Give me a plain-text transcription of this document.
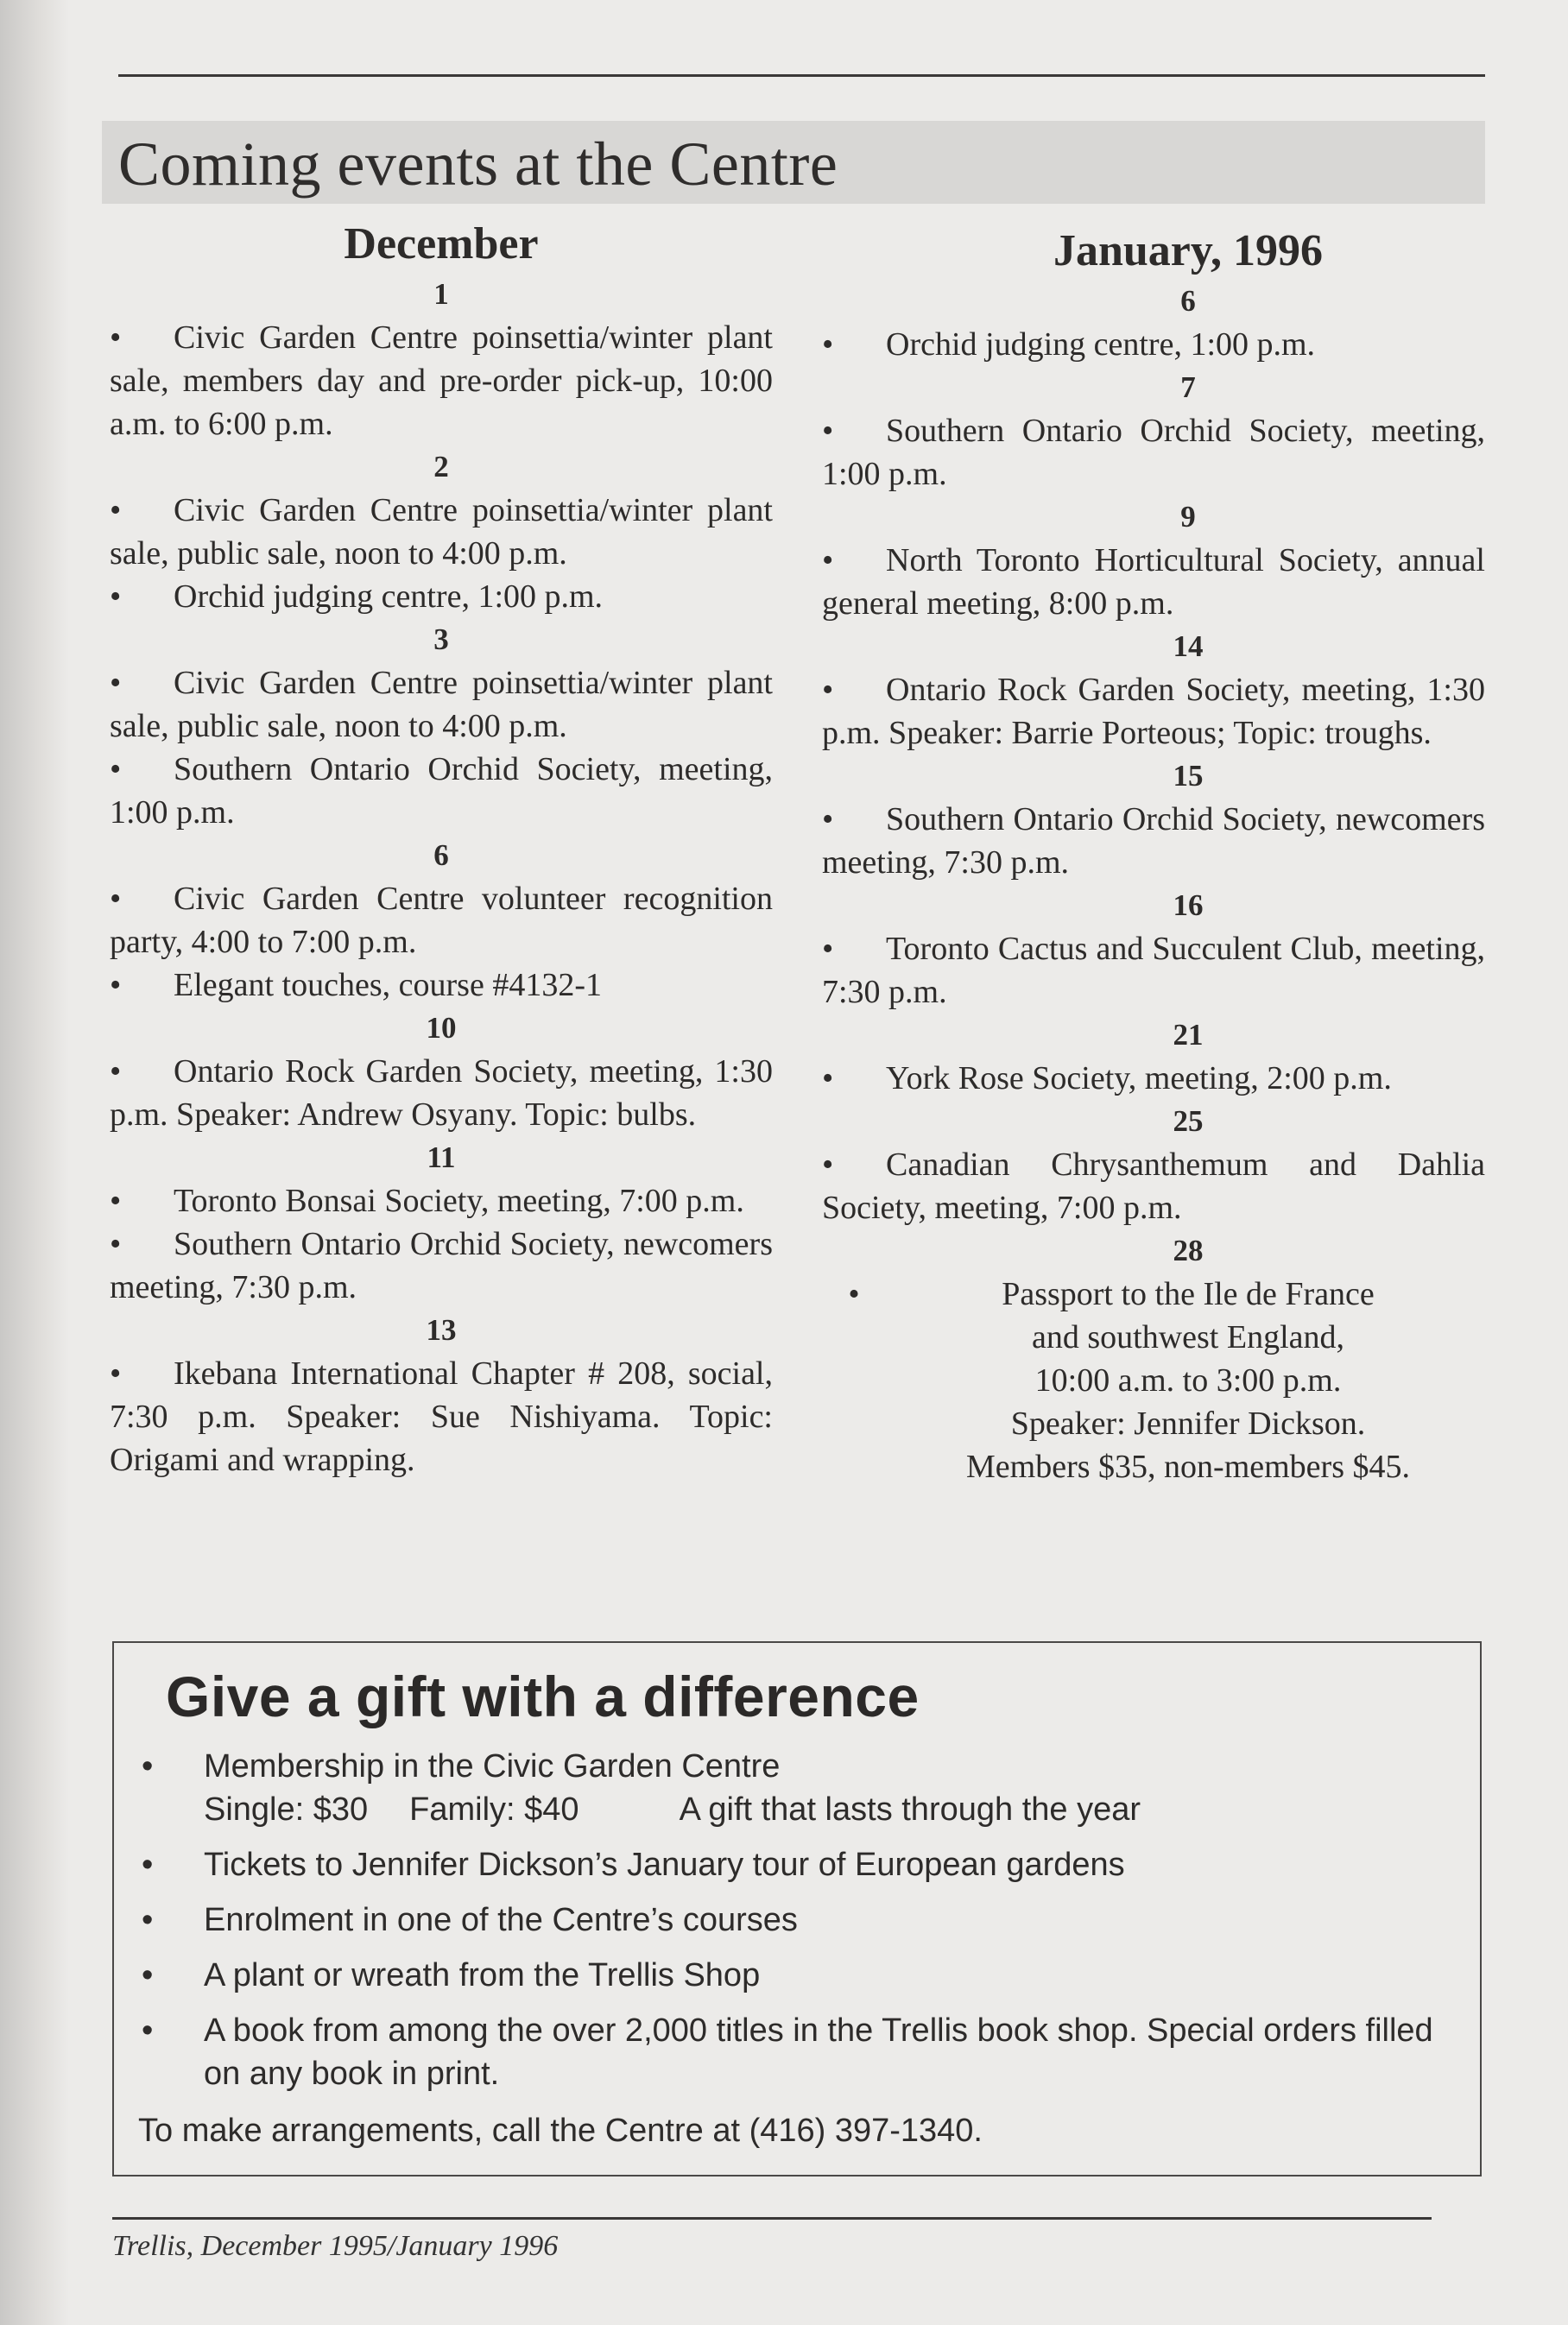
Coming events at the Centre
December
1
• Civic Garden Centre poinsettia/winter plant sale, members day and pre-order pick-up, 10:00 a.m. to 6:00 p.m.
2
• Civic Garden Centre poinsettia/winter plant sale, public sale, noon to 4:00 p.m.
• Orchid judging centre, 1:00 p.m.
3
• Civic Garden Centre poinsettia/winter plant sale, public sale, noon to 4:00 p.m.
• Southern Ontario Orchid Society, meeting, 1:00 p.m.
6
• Civic Garden Centre volunteer recognition party, 4:00 to 7:00 p.m.
• Elegant touches, course #4132-1
10
• Ontario Rock Garden Society, meeting, 1:30 p.m. Speaker: Andrew Osyany. Topic: bulbs.
11
• Toronto Bonsai Society, meeting, 7:00 p.m.
• Southern Ontario Orchid Society, newcomers meeting, 7:30 p.m.
13
• Ikebana International Chapter # 208, social, 7:30 p.m. Speaker: Sue Nishiyama. Topic: Origami and wrapping.
January, 1996
6
• Orchid judging centre, 1:00 p.m.
7
• Southern Ontario Orchid Society, meeting, 1:00 p.m.
9
• North Toronto Horticultural Society, annual general meeting, 8:00 p.m.
14
• Ontario Rock Garden Society, meeting, 1:30 p.m. Speaker: Barrie Porteous; Topic: troughs.
15
• Southern Ontario Orchid Society, newcomers meeting, 7:30 p.m.
16
• Toronto Cactus and Succulent Club, meeting, 7:30 p.m.
21
• York Rose Society, meeting, 2:00 p.m.
25
• Canadian Chrysanthemum and Dahlia Society, meeting, 7:00 p.m.
28
•	Passport to the Ile de France
and southwest England,
10:00 a.m. to 3:00 p.m.
Speaker: Jennifer Dickson.
Members $35, non-members $45.
Give a gift with a difference
• Membership in the Civic Garden Centre
Single: $30 Family: $40	A gift that lasts through the year
• Tickets to Jennifer Dickson’s January tour of European gardens
• Enrolment in one of the Centre’s courses
• A plant or wreath from the Trellis Shop
• A book from among the over 2,000 titles in the Trellis book shop. Special orders filled on any book in print.
To make arrangements, call the Centre at (416) 397-1340.
Trellis, December 1995/January 1996
